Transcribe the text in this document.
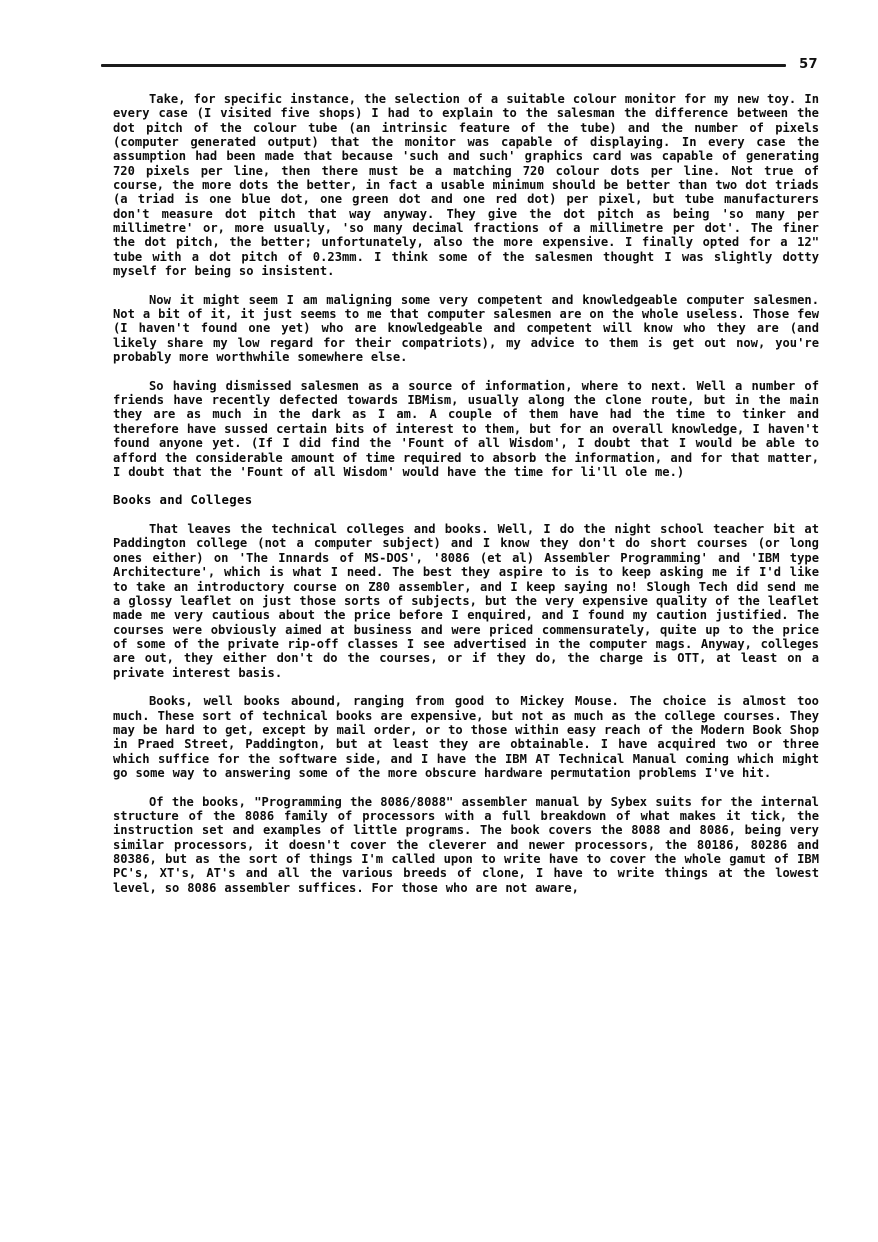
57

Take, for specific instance, the selection of a suitable colour monitor for my new toy. In every case (I visited five shops) I had to explain to the salesman the difference between the dot pitch of the colour tube (an intrinsic feature of the tube) and the number of pixels (computer generated output) that the monitor was capable of displaying. In every case the assumption had been made that because 'such and such' graphics card was capable of generating 720 pixels per line, then there must be a matching 720 colour dots per line. Not true of course, the more dots the better, in fact a usable minimum should be better than two dot triads (a triad is one blue dot, one green dot and one red dot) per pixel, but tube manufacturers don't measure dot pitch that way anyway. They give the dot pitch as being 'so many per millimetre' or, more usually, 'so many decimal fractions of a millimetre per dot'. The finer the dot pitch, the better; unfortunately, also the more expensive. I finally opted for a 12" tube with a dot pitch of 0.23mm. I think some of the salesmen thought I was slightly dotty myself for being so insistent.

Now it might seem I am maligning some very competent and knowledgeable computer salesmen. Not a bit of it, it just seems to me that computer salesmen are on the whole useless. Those few (I haven't found one yet) who are knowledgeable and competent will know who they are (and likely share my low regard for their compatriots), my advice to them is get out now, you're probably more worthwhile somewhere else.

So having dismissed salesmen as a source of information, where to next. Well a number of friends have recently defected towards IBMism, usually along the clone route, but in the main they are as much in the dark as I am. A couple of them have had the time to tinker and therefore have sussed certain bits of interest to them, but for an overall knowledge, I haven't found anyone yet. (If I did find the 'Fount of all Wisdom', I doubt that I would be able to afford the considerable amount of time required to absorb the information, and for that matter, I doubt that the 'Fount of all Wisdom' would have the time for li'll ole me.)

Books and Colleges

That leaves the technical colleges and books. Well, I do the night school teacher bit at Paddington college (not a computer subject) and I know they don't do short courses (or long ones either) on 'The Innards of MS-DOS', '8086 (et al) Assembler Programming' and 'IBM type Architecture', which is what I need. The best they aspire to is to keep asking me if I'd like to take an introductory course on Z80 assembler, and I keep saying no! Slough Tech did send me a glossy leaflet on just those sorts of subjects, but the very expensive quality of the leaflet made me very cautious about the price before I enquired, and I found my caution justified. The courses were obviously aimed at business and were priced commensurately, quite up to the price of some of the private rip-off classes I see advertised in the computer mags. Anyway, colleges are out, they either don't do the courses, or if they do, the charge is OTT, at least on a private interest basis.

Books, well books abound, ranging from good to Mickey Mouse. The choice is almost too much. These sort of technical books are expensive, but not as much as the college courses. They may be hard to get, except by mail order, or to those within easy reach of the Modern Book Shop in Praed Street, Paddington, but at least they are obtainable. I have acquired two or three which suffice for the software side, and I have the IBM AT Technical Manual coming which might go some way to answering some of the more obscure hardware permutation problems I've hit.

Of the books, "Programming the 8086/8088" assembler manual by Sybex suits for the internal structure of the 8086 family of processors with a full breakdown of what makes it tick, the instruction set and examples of little programs. The book covers the 8088 and 8086, being very similar processors, it doesn't cover the cleverer and newer processors, the 80186, 80286 and 80386, but as the sort of things I'm called upon to write have to cover the whole gamut of IBM PC's, XT's, AT's and all the various breeds of clone, I have to write things at the lowest level, so 8086 assembler suffices. For those who are not aware,
